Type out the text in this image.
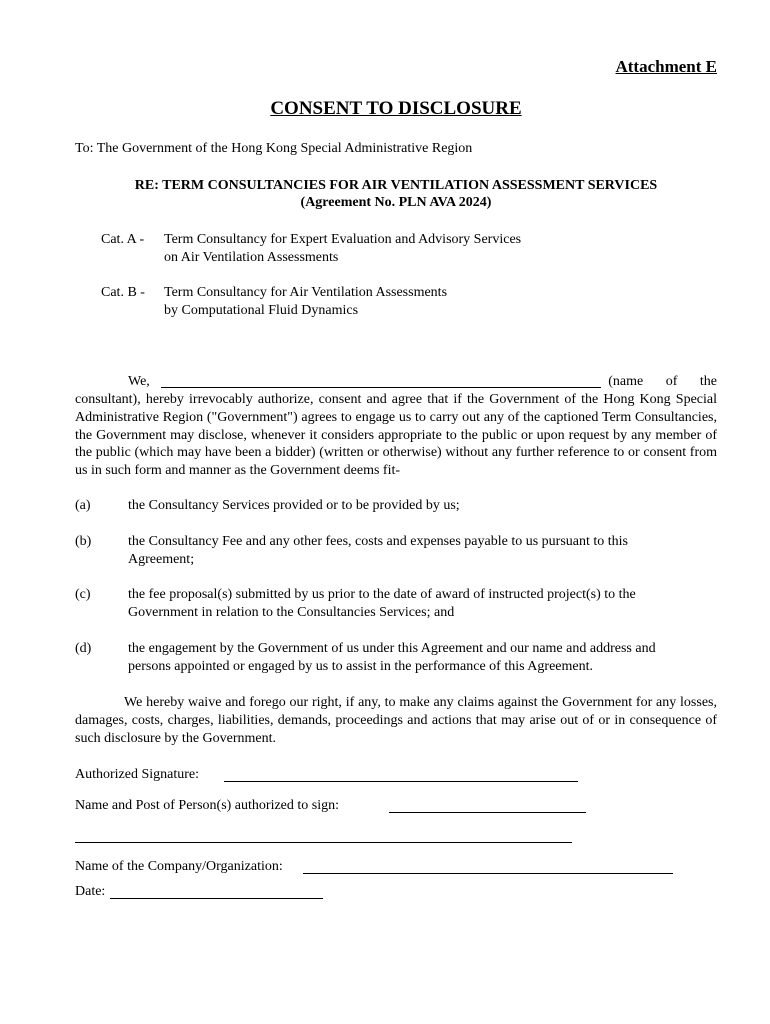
Attachment E
CONSENT TO DISCLOSURE
To: The Government of the Hong Kong Special Administrative Region
RE: TERM CONSULTANCIES FOR AIR VENTILATION ASSESSMENT SERVICES
(Agreement No. PLN AVA 2024)
Cat. A -	Term Consultancy for Expert Evaluation and Advisory Services
on Air Ventilation Assessments
Cat. B -	Term Consultancy for Air Ventilation Assessments
by Computational Fluid Dynamics
We,	(name of the
consultant), hereby irrevocably authorize, consent and agree that if the Government of the Hong Kong Special Administrative Region ("Government") agrees to engage us to carry out any of the captioned Term Consultancies, the Government may disclose, whenever it considers appropriate to the public or upon request by any member of the public (which may have been a bidder) (written or otherwise) without any further reference to or consent from us in such form and manner as the Government deems fit-
(a)	the Consultancy Services provided or to be provided by us;
(b)	the Consultancy Fee and any other fees, costs and expenses payable to us pursuant to this Agreement;
(c)	the fee proposal(s) submitted by us prior to the date of award of instructed project(s) to the Government in relation to the Consultancies Services; and
(d)	the engagement by the Government of us under this Agreement and our name and address and persons appointed or engaged by us to assist in the performance of this Agreement.
We hereby waive and forego our right, if any, to make any claims against the Government for any losses, damages, costs, charges, liabilities, demands, proceedings and actions that may arise out of or in consequence of such disclosure by the Government.
Authorized Signature:
Name and Post of Person(s) authorized to sign:
Name of the Company/Organization:
Date:
